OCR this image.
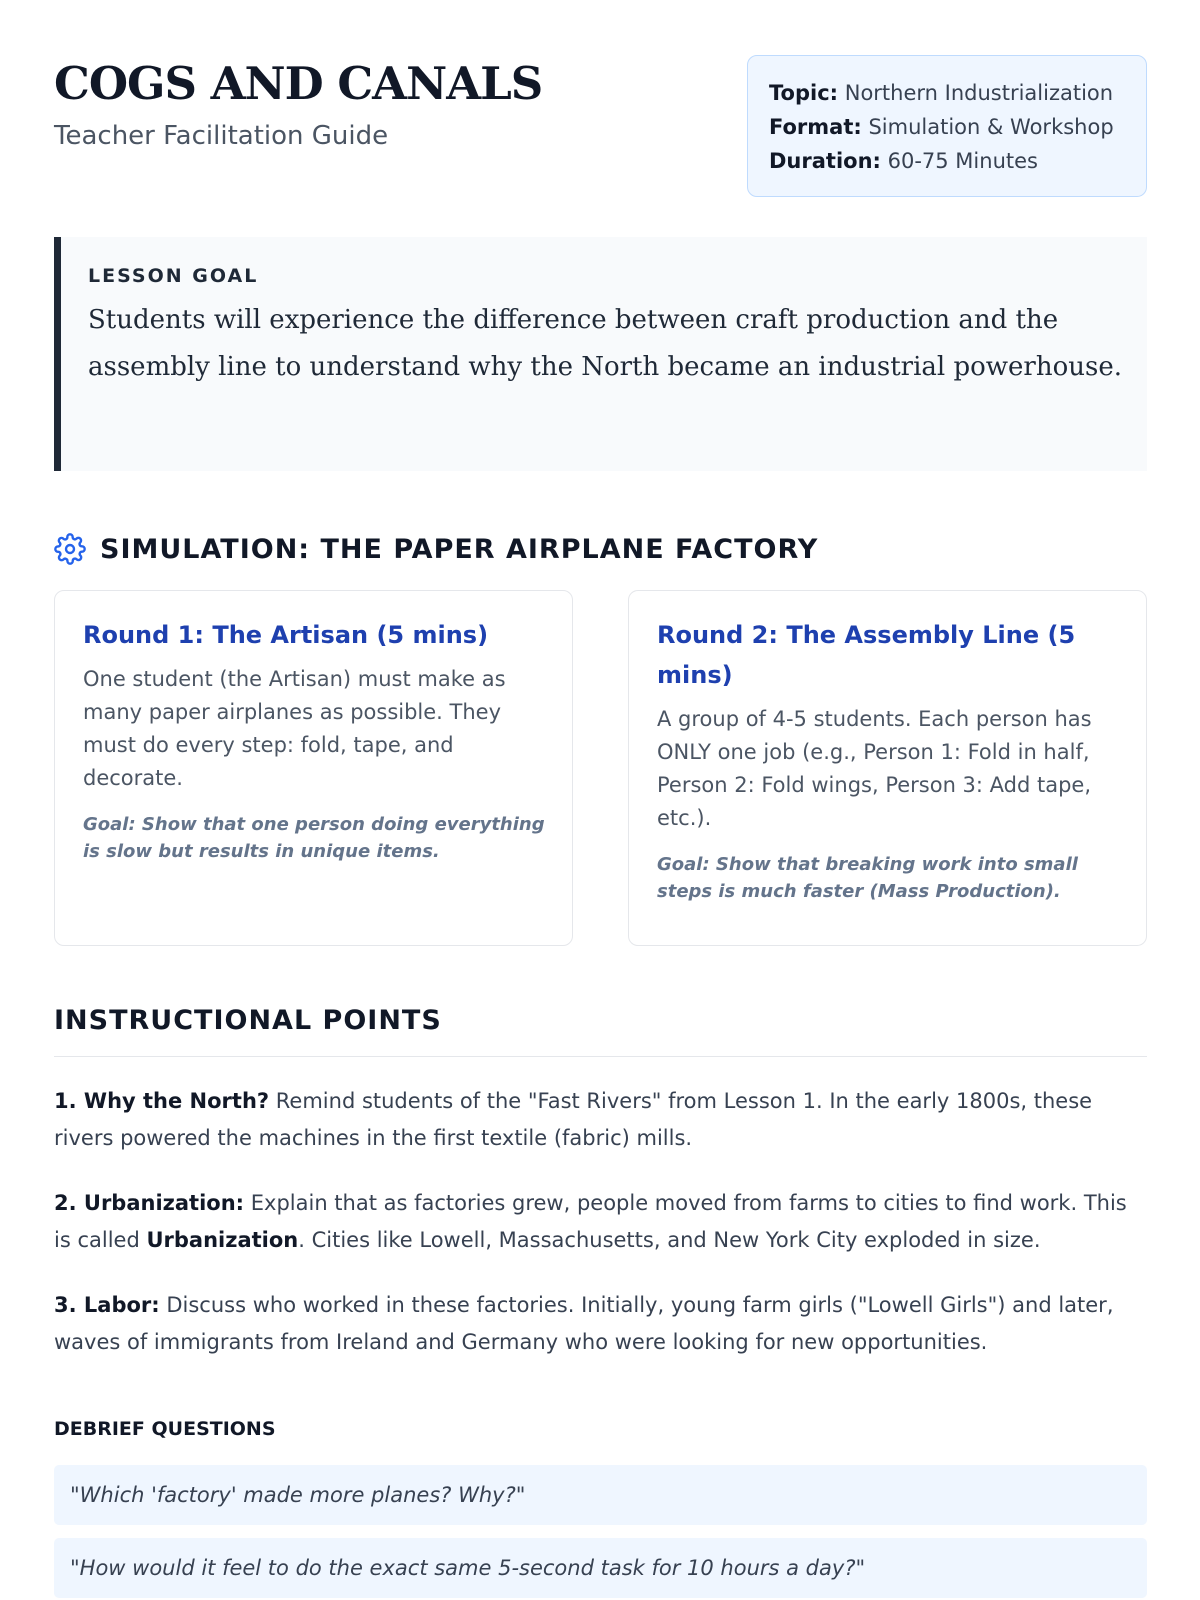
COGS AND CANALS
Teacher Facilitation Guide
Topic: Northern Industrialization
Format: Simulation & Workshop
Duration: 60-75 Minutes
LESSON GOAL

Students will experience the difference between craft production and the assembly line to understand why the North became an industrial powerhouse.

SIMULATION: THE PAPER AIRPLANE FACTORY
Round 1: The Artisan (5 mins)

One student (the Artisan) must make as many paper airplanes as possible. They must do every step: fold, tape, and decorate.

Goal: Show that one person doing everything is slow but results in unique items.

Round 2: The Assembly Line (5 mins)

A group of 4-5 students. Each person has ONLY one job (e.g., Person 1: Fold in half, Person 2: Fold wings, Person 3: Add tape, etc.).

Goal: Show that breaking work into small steps is much faster (Mass Production).

INSTRUCTIONAL POINTS

1. Why the North? Remind students of the "Fast Rivers" from Lesson 1. In the early 1800s, these rivers powered the machines in the first textile (fabric) mills.

2. Urbanization: Explain that as factories grew, people moved from farms to cities to find work. This is called Urbanization. Cities like Lowell, Massachusetts, and New York City exploded in size.

3. Labor: Discuss who worked in these factories. Initially, young farm girls ("Lowell Girls") and later, waves of immigrants from Ireland and Germany who were looking for new opportunities.

DEBRIEF QUESTIONS
"Which 'factory' made more planes? Why?"
"How would it feel to do the exact same 5-second task for 10 hours a day?"
